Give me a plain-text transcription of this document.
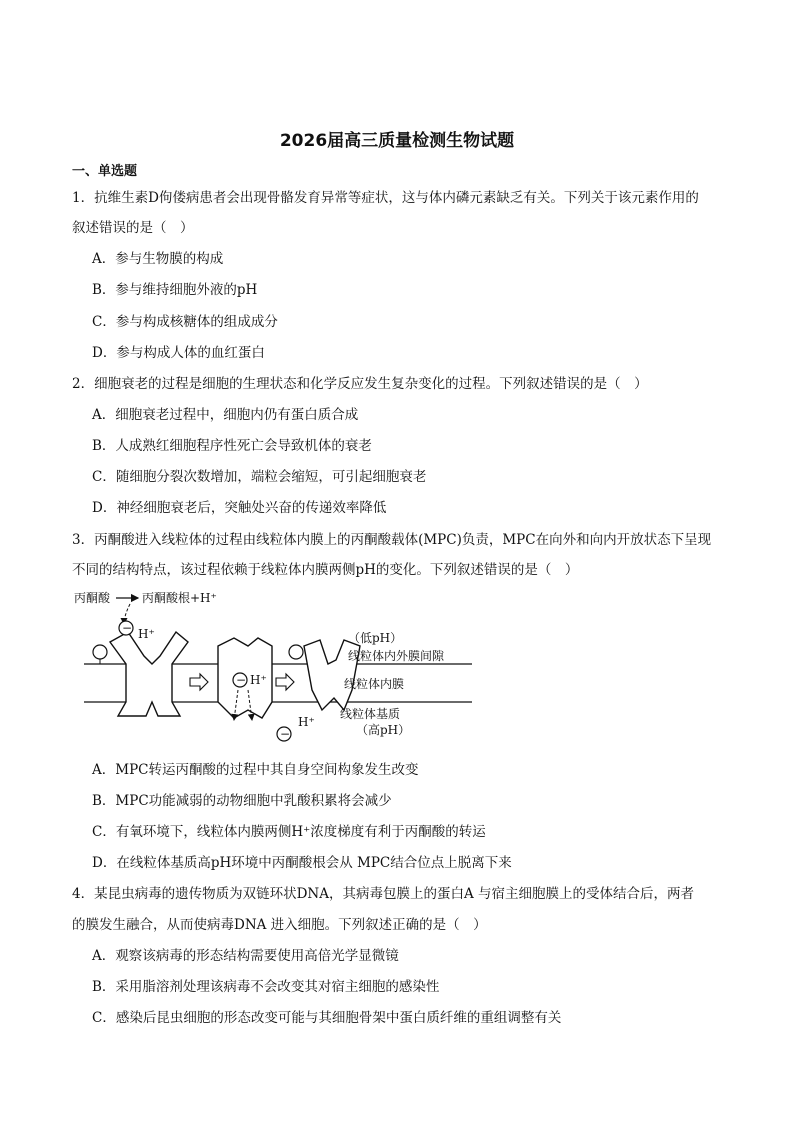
2026届高三质量检测生物试题
一、单选题
1．抗维生素D佝偻病患者会出现骨骼发育异常等症状，这与体内磷元素缺乏有关。下列关于该元素作用的
叙述错误的是（　）
A．参与生物膜的构成
B．参与维持细胞外液的pH
C．参与构成核糖体的组成成分
D．参与构成人体的血红蛋白
2．细胞衰老的过程是细胞的生理状态和化学反应发生复杂变化的过程。下列叙述错误的是（　）
A．细胞衰老过程中，细胞内仍有蛋白质合成
B．人成熟红细胞程序性死亡会导致机体的衰老
C．随细胞分裂次数增加，端粒会缩短，可引起细胞衰老
D．神经细胞衰老后，突触处兴奋的传递效率降低
3．丙酮酸进入线粒体的过程由线粒体内膜上的丙酮酸载体(MPC)负责，MPC在向外和向内开放状态下呈现
不同的结构特点，该过程依赖于线粒体内膜两侧pH的变化。下列叙述错误的是（　）
丙酮酸	丙酮酸根+H⁺
− H⁺
− H⁺
H⁺
−
（低pH）
线粒体内外膜间隙
线粒体内膜
线粒体基质
（高pH）
A．MPC转运丙酮酸的过程中其自身空间构象发生改变
B．MPC功能减弱的动物细胞中乳酸积累将会减少
C．有氧环境下，线粒体内膜两侧H⁺浓度梯度有利于丙酮酸的转运
D．在线粒体基质高pH环境中丙酮酸根会从 MPC结合位点上脱离下来
4．某昆虫病毒的遗传物质为双链环状DNA，其病毒包膜上的蛋白A 与宿主细胞膜上的受体结合后，两者
的膜发生融合，从而使病毒DNA 进入细胞。下列叙述正确的是（　）
A．观察该病毒的形态结构需要使用高倍光学显微镜
B．采用脂溶剂处理该病毒不会改变其对宿主细胞的感染性
C．感染后昆虫细胞的形态改变可能与其细胞骨架中蛋白质纤维的重组调整有关
